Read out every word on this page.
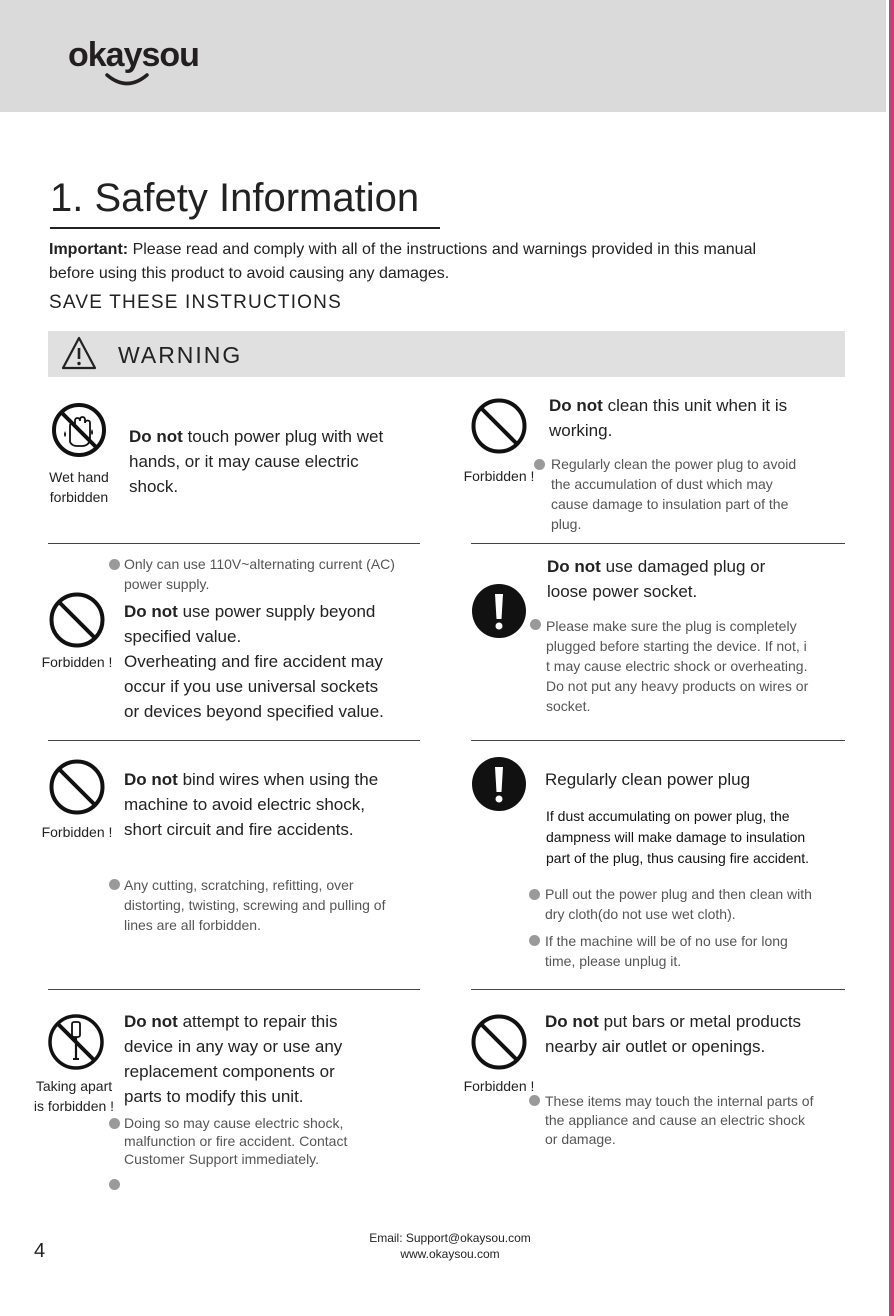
okaysou
1. Safety Information
Important: Please read and comply with all of the instructions and warnings provided in this manual
before using this product to avoid causing any damages.
SAVE THESE INSTRUCTIONS
WARNING
Wet hand
forbidden
Do not touch power plug with wet
hands, or it may cause electric
shock.
Forbidden !
Do not clean this unit when it is
working.
Regularly clean the power plug to avoid
the accumulation of dust which may
cause damage to insulation part of the
plug.
Only can use 110V~alternating current (AC)
power supply.
Forbidden !
Do not use power supply beyond
specified value.
Overheating and fire accident may
occur if you use universal sockets
or devices beyond specified value.
Do not use damaged plug or
loose power socket.
Please make sure the plug is completely
plugged before starting the device. If not, i
t may cause electric shock or overheating.
Do not put any heavy products on wires or
socket.
Forbidden !
Do not bind wires when using the
machine to avoid electric shock,
short circuit and fire accidents.
Any cutting, scratching, refitting, over
distorting, twisting, screwing and pulling of
lines are all forbidden.
Regularly clean power plug
If dust accumulating on power plug, the
dampness will make damage to insulation
part of the plug, thus causing fire accident.
Pull out the power plug and then clean with
dry cloth(do not use wet cloth).
If the machine will be of no use for long
time, please unplug it.
Taking apart
is forbidden !
Do not attempt to repair this
device in any way or use any
replacement components or
parts to modify this unit.
Doing so may cause electric shock,
malfunction or fire accident. Contact
Customer Support immediately.
Forbidden !
Do not put bars or metal products
nearby air outlet or openings.
These items may touch the internal parts of
the appliance and cause an electric shock
or damage.
4
Email: Support@okaysou.com
www.okaysou.com
